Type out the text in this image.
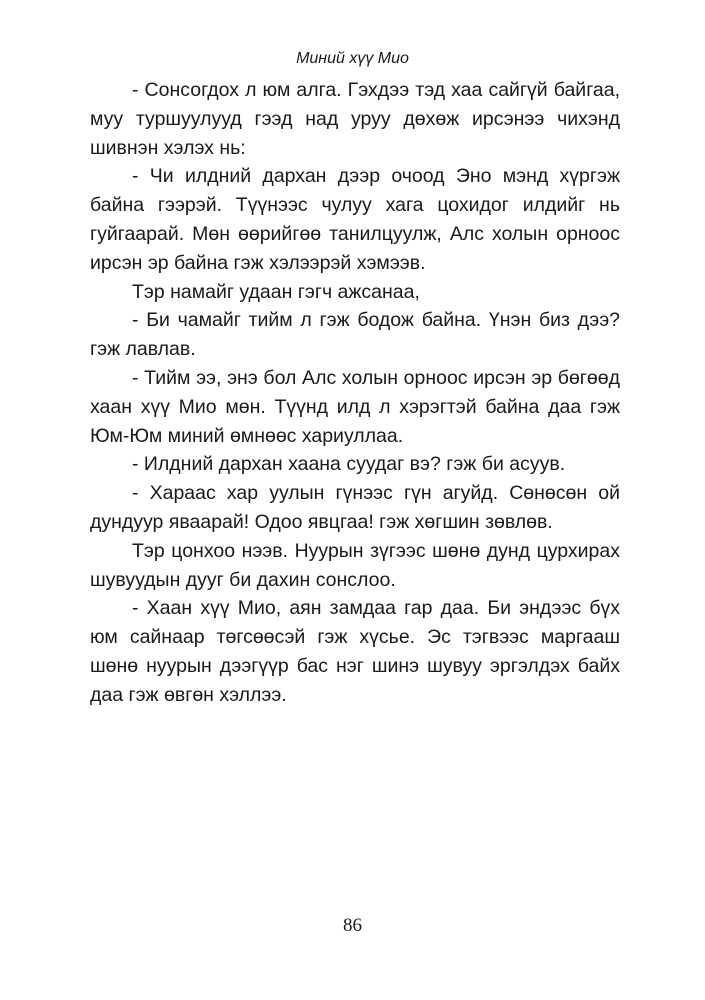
Миний хүү Мио

- Сонсогдох л юм алга. Гэхдээ тэд хаа сайгүй байгаа, муу туршуулууд гээд над уруу дөхөж ирсэнээ чихэнд шивнэн хэлэх нь:

- Чи илдний дархан дээр очоод Эно мэнд хүргэж байна гээрэй. Түүнээс чулуу хага цохидог илдийг нь гуйгаарай. Мөн өөрийгөө танилцуулж, Алс холын орноос ирсэн эр байна гэж хэлээрэй хэмээв.

Тэр намайг удаан гэгч ажсанаа,

- Би чамайг тийм л гэж бодож байна. Үнэн биз дээ? гэж лавлав.

- Тийм ээ, энэ бол Алс холын орноос ирсэн эр бөгөөд хаан хүү Мио мөн. Түүнд илд л хэрэгтэй байна даа гэж Юм-Юм миний өмнөөс хариуллаа.

- Илдний дархан хаана суудаг вэ? гэж би асуув.

- Хараас хар уулын гүнээс гүн агуйд. Сөнөсөн ой дундуур яваарай! Одоо явцгаа! гэж хөгшин зөвлөв.

Тэр цонхоо нээв. Нуурын зүгээс шөнө дунд цурхирах шувуудын дууг би дахин сонслоо.

- Хаан хүү Мио, аян замдаа гар даа. Би эндээс бүх юм сайнаар төгсөөсэй гэж хүсье. Эс тэгвээс маргааш шөнө нуурын дээгүүр бас нэг шинэ шувуу эргэлдэх байх даа гэж өвгөн хэллээ.

86
